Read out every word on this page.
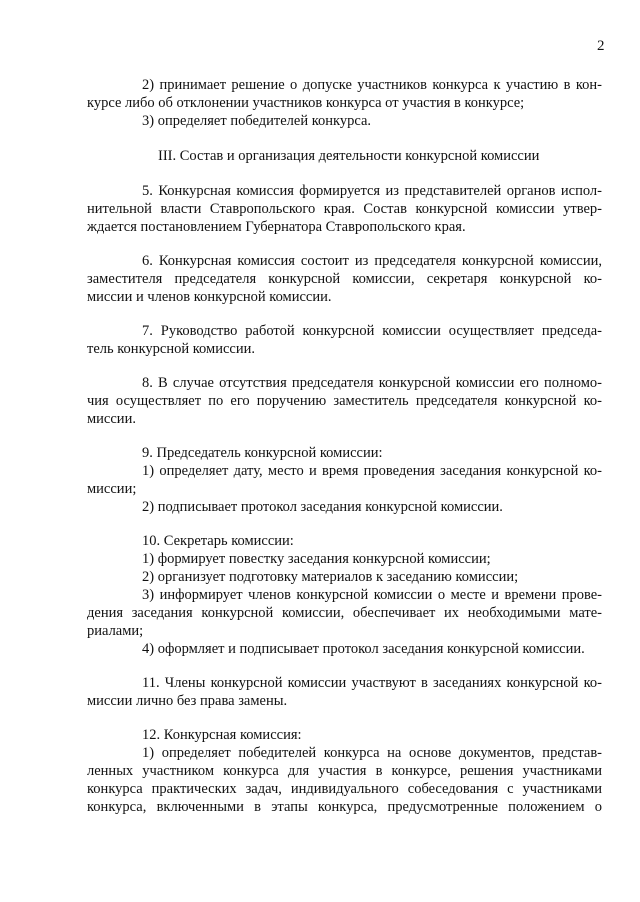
2
2) принимает решение о допуске участников конкурса к участию в кон-
курсе либо об отклонении участников конкурса от участия в конкурсе;
3) определяет победителей конкурса.
III. Состав и организация деятельности конкурсной комиссии
5. Конкурсная комиссия формируется из представителей органов испол-
нительной власти Ставропольского края. Состав конкурсной комиссии утвер-
ждается постановлением Губернатора Ставропольского края.
6. Конкурсная комиссия состоит из председателя конкурсной комиссии,
заместителя председателя конкурсной комиссии, секретаря конкурсной ко-
миссии и членов конкурсной комиссии.
7. Руководство работой конкурсной комиссии осуществляет председа-
тель конкурсной комиссии.
8. В случае отсутствия председателя конкурсной комиссии его полномо-
чия осуществляет по его поручению заместитель председателя конкурсной ко-
миссии.
9. Председатель конкурсной комиссии:
1) определяет дату, место и время проведения заседания конкурсной ко-
миссии;
2) подписывает протокол заседания конкурсной комиссии.
10. Секретарь комиссии:
1) формирует повестку заседания конкурсной комиссии;
2) организует подготовку материалов к заседанию комиссии;
3) информирует членов конкурсной комиссии о месте и времени прове-
дения заседания конкурсной комиссии, обеспечивает их необходимыми мате-
риалами;
4) оформляет и подписывает протокол заседания конкурсной комиссии.
11. Члены конкурсной комиссии участвуют в заседаниях конкурсной ко-
миссии лично без права замены.
12. Конкурсная комиссия:
1) определяет победителей конкурса на основе документов, представ-
ленных участником конкурса для участия в конкурсе, решения участниками
конкурса практических задач, индивидуального собеседования с участниками
конкурса, включенными в этапы конкурса, предусмотренные положением о
